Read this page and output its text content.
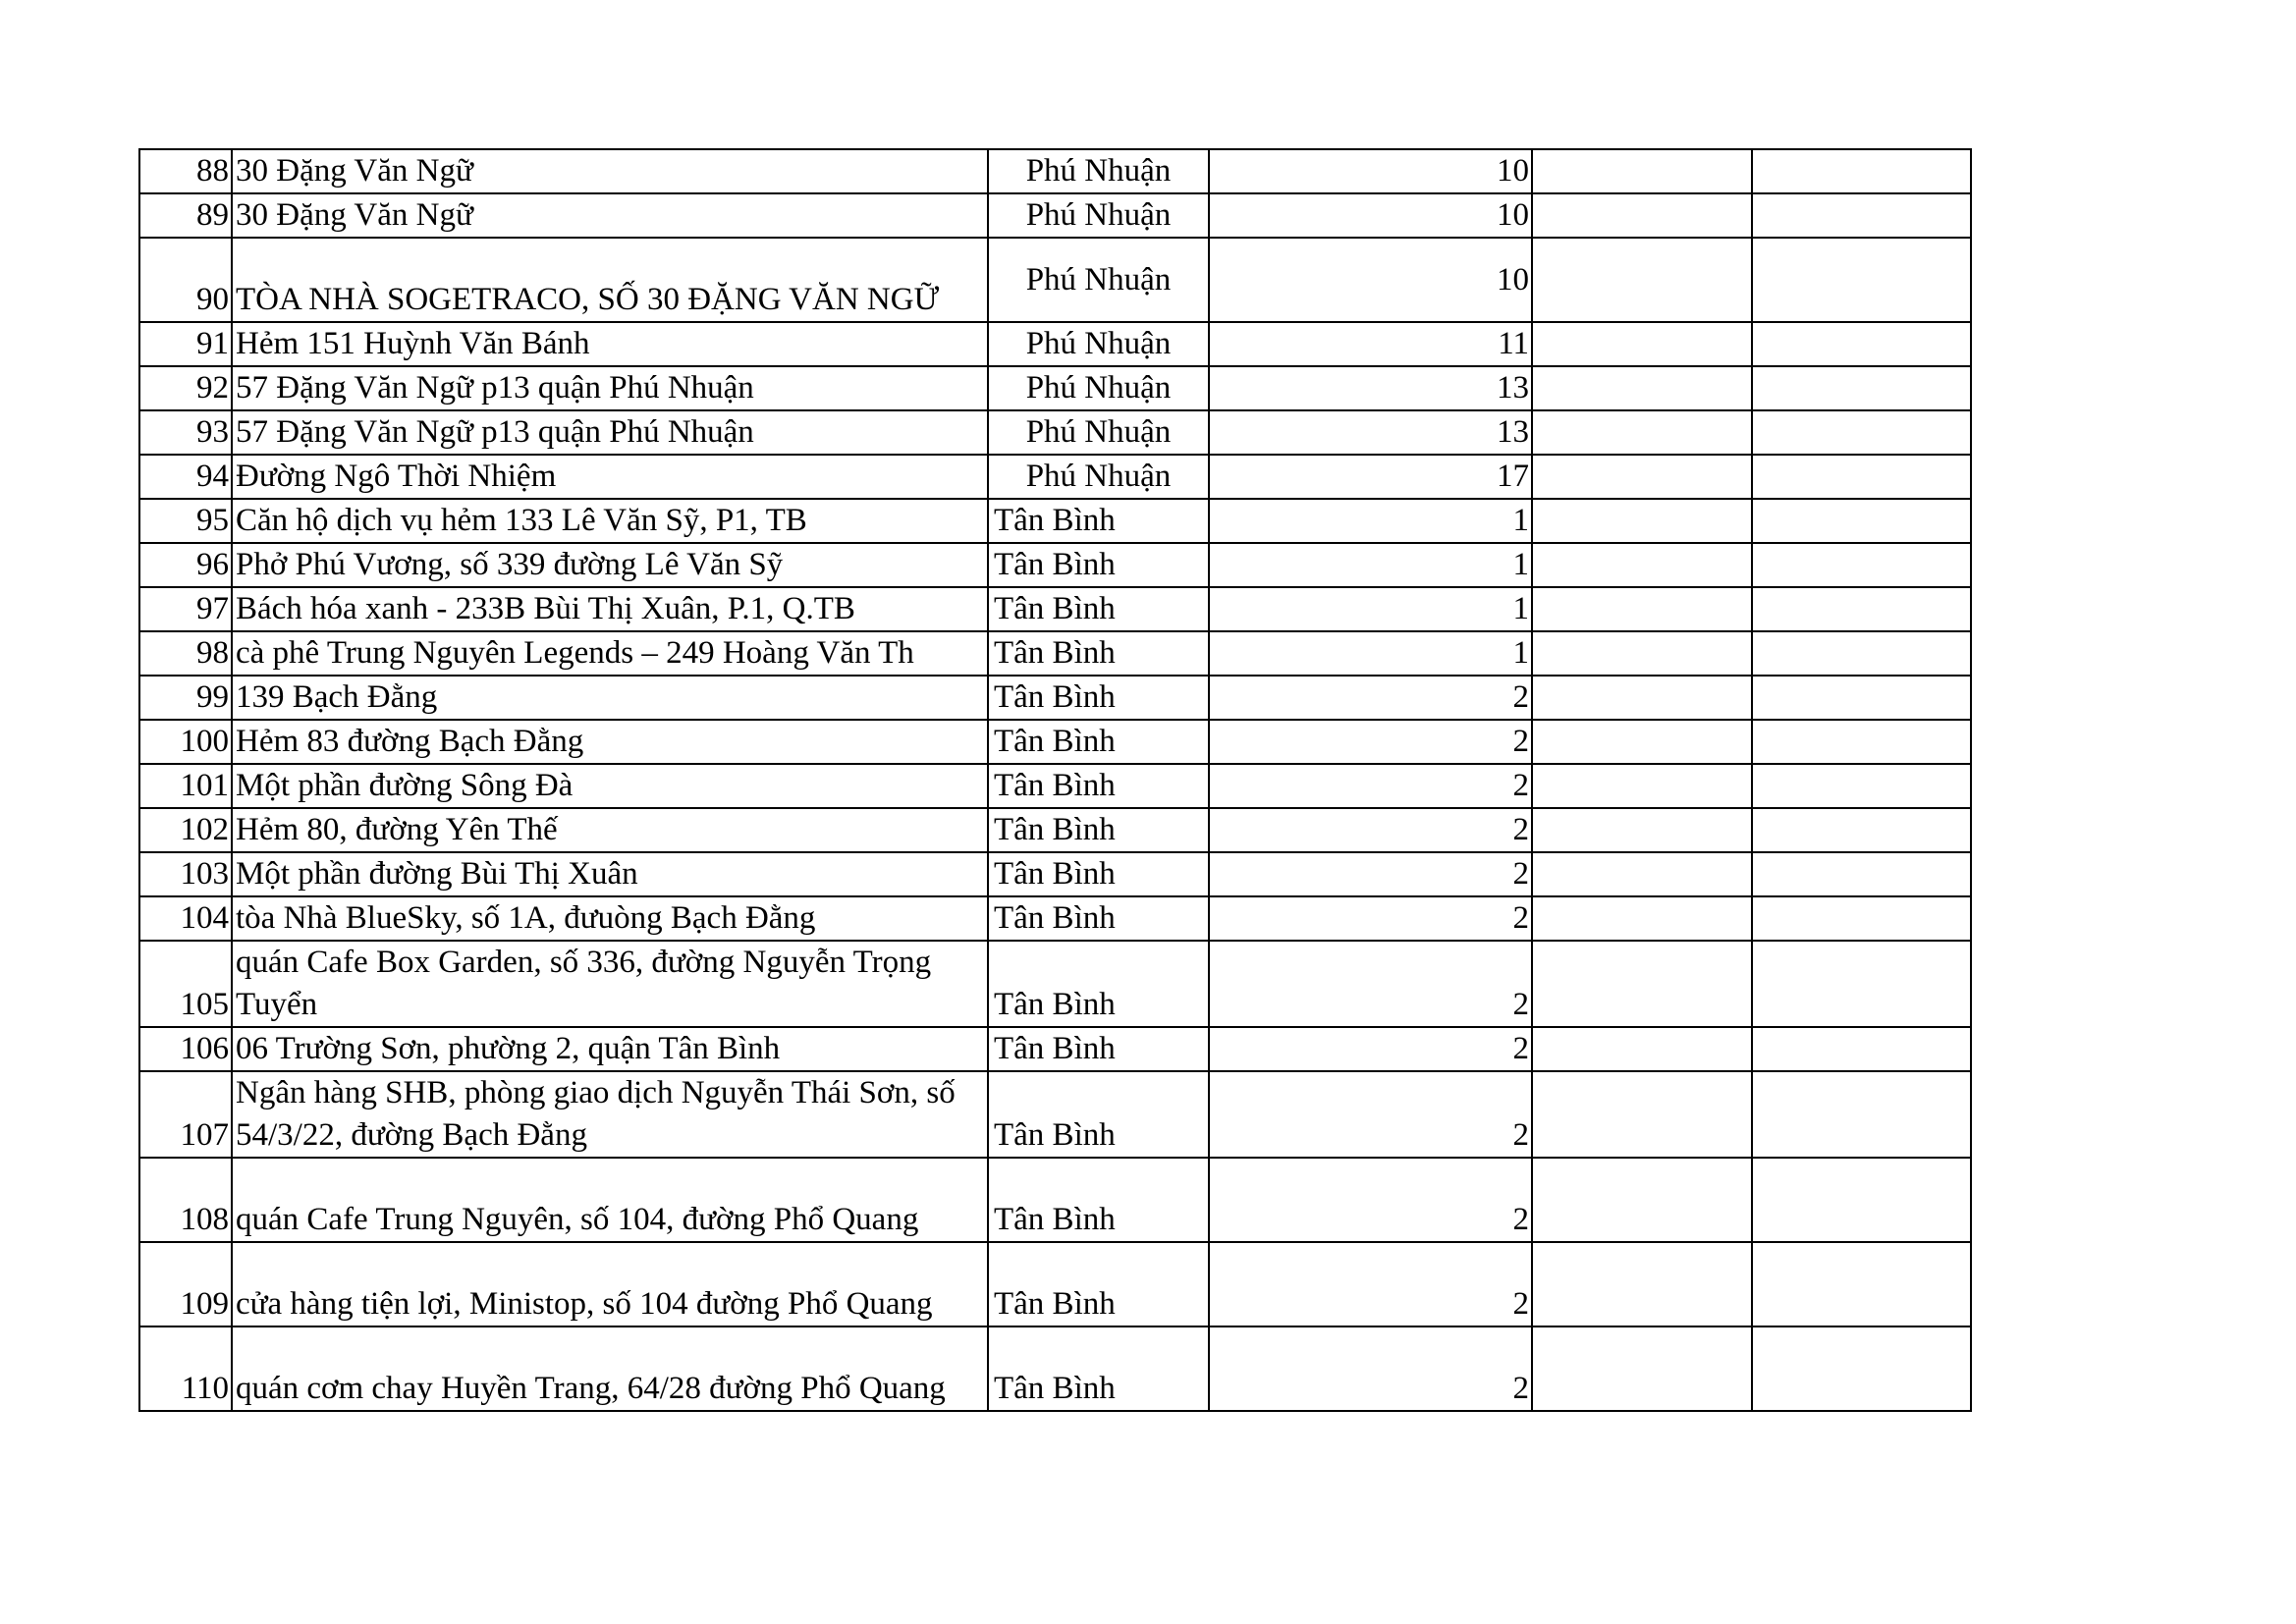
88	30 Đặng Văn Ngữ	Phú Nhuận	10		
89	30 Đặng Văn Ngữ	Phú Nhuận	10		
90	TÒA NHÀ SOGETRACO, SỐ 30 ĐẶNG VĂN NGỮ	Phú Nhuận	10		
91	Hẻm 151 Huỳnh Văn Bánh	Phú Nhuận	11		
92	57 Đặng Văn Ngữ p13 quận Phú Nhuận	Phú Nhuận	13		
93	57 Đặng Văn Ngữ p13 quận Phú Nhuận	Phú Nhuận	13		
94	Đường Ngô Thời Nhiệm	Phú Nhuận	17		
95	Căn hộ dịch vụ hẻm 133 Lê Văn Sỹ, P1, TB	Tân Bình	1		
96	Phở Phú Vương, số 339 đường Lê Văn Sỹ	Tân Bình	1		
97	Bách hóa xanh - 233B Bùi Thị Xuân, P.1, Q.TB	Tân Bình	1		
98	cà phê Trung Nguyên Legends – 249 Hoàng Văn Th	Tân Bình	1		
99	139 Bạch Đằng	Tân Bình	2		
100	Hẻm 83 đường Bạch Đằng	Tân Bình	2		
101	Một phần đường Sông Đà	Tân Bình	2		
102	Hẻm 80, đường Yên Thế	Tân Bình	2		
103	Một phần đường Bùi Thị Xuân	Tân Bình	2		
104	tòa Nhà BlueSky, số 1A, đưuòng Bạch Đằng	Tân Bình	2		
105	quán Cafe Box Garden, số 336, đường Nguyễn Trọng Tuyển	Tân Bình	2		
106	06 Trường Sơn, phường 2, quận Tân Bình	Tân Bình	2		
107	Ngân hàng SHB, phòng giao dịch Nguyễn Thái Sơn, số 54/3/22, đường Bạch Đằng	Tân Bình	2		
108	quán Cafe Trung Nguyên, số 104, đường Phổ Quang	Tân Bình	2		
109	cửa hàng tiện lợi, Ministop, số 104 đường Phổ Quang	Tân Bình	2		
110	quán cơm chay Huyền Trang, 64/28 đường Phổ Quang	Tân Bình	2		
